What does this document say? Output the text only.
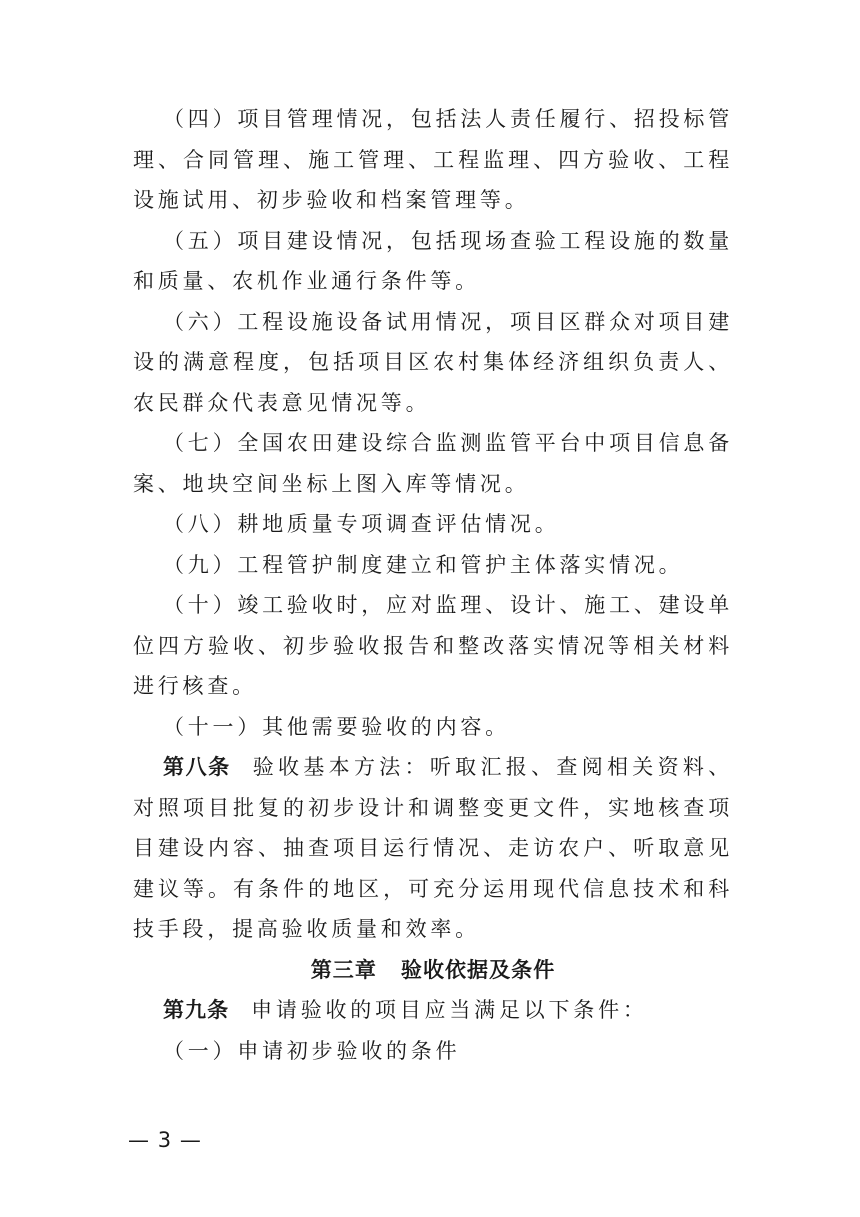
（四）项目管理情况，包括法人责任履行、招投标管理、合同管理、施工管理、工程监理、四方验收、工程设施试用、初步验收和档案管理等。

（五）项目建设情况，包括现场查验工程设施的数量和质量、农机作业通行条件等。

（六）工程设施设备试用情况，项目区群众对项目建设的满意程度，包括项目区农村集体经济组织负责人、农民群众代表意见情况等。

（七）全国农田建设综合监测监管平台中项目信息备案、地块空间坐标上图入库等情况。

（八）耕地质量专项调查评估情况。

（九）工程管护制度建立和管护主体落实情况。

（十）竣工验收时，应对监理、设计、施工、建设单位四方验收、初步验收报告和整改落实情况等相关材料进行核查。

（十一）其他需要验收的内容。

第八条 验收基本方法：听取汇报、查阅相关资料、对照项目批复的初步设计和调整变更文件，实地核查项目建设内容、抽查项目运行情况、走访农户、听取意见建议等。有条件的地区，可充分运用现代信息技术和科技手段，提高验收质量和效率。

第三章 验收依据及条件

第九条 申请验收的项目应当满足以下条件：

（一）申请初步验收的条件

— 3 —
